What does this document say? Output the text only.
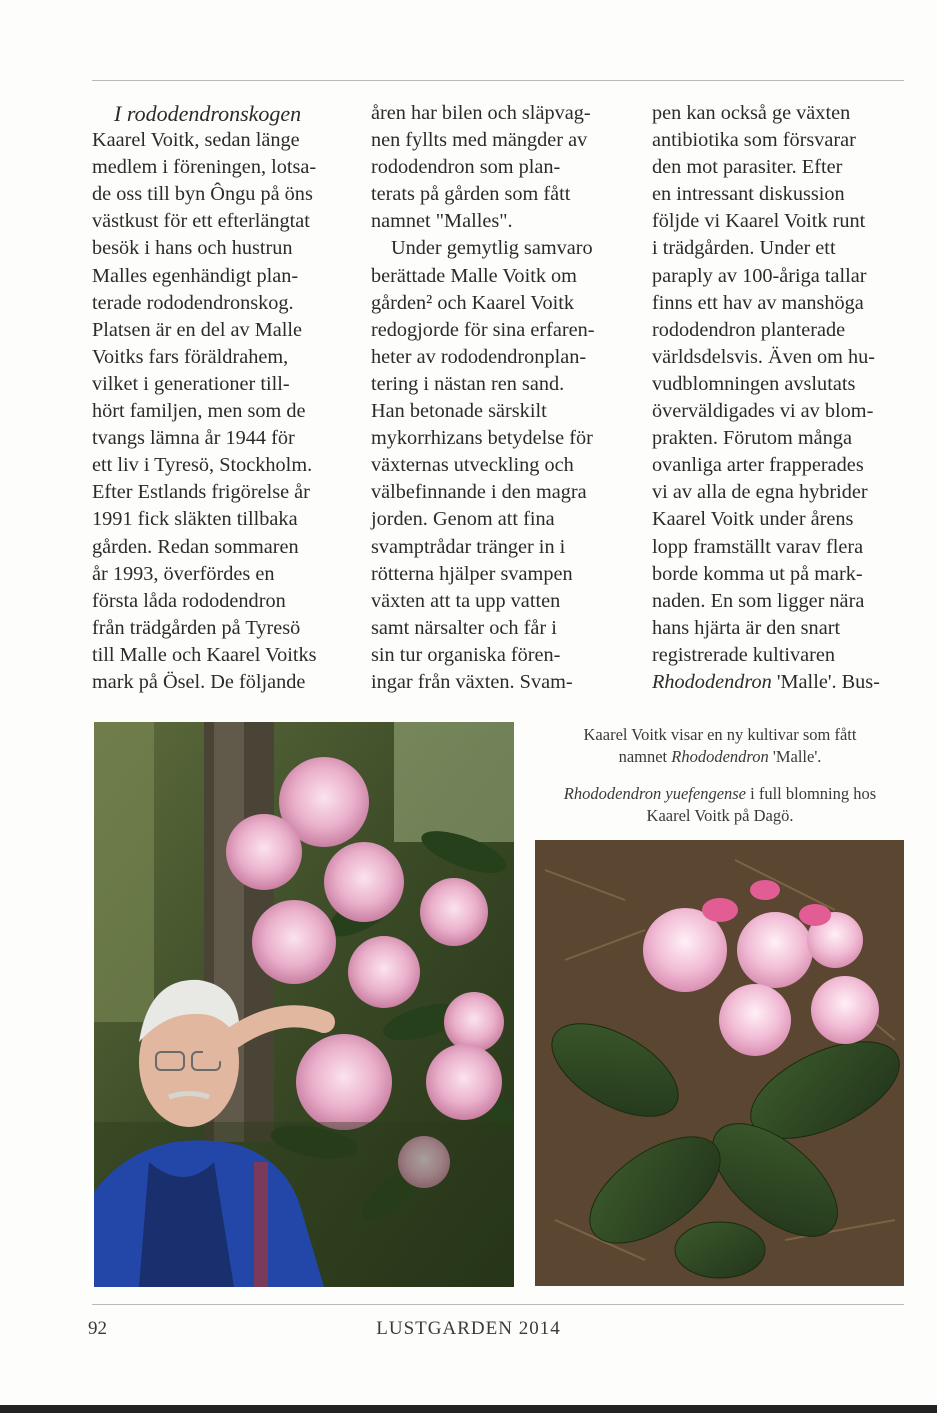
I rododendronskogen
Kaarel Voitk, sedan länge
medlem i föreningen, lotsa-
de oss till byn Ôngu på öns
västkust för ett efterlängtat
besök i hans och hustrun
Malles egenhändigt plan-
terade rododendronskog.
Platsen är en del av Malle
Voitks fars föräldrahem,
vilket i generationer till-
hört familjen, men som de
tvangs lämna år 1944 för
ett liv i Tyresö, Stockholm.
Efter Estlands frigörelse år
1991 fick släkten tillbaka
gården. Redan sommaren
år 1993, överfördes en
första låda rododendron
från trädgården på Tyresö
till Malle och Kaarel Voitks
mark på Ösel. De följande
åren har bilen och släpvag-
nen fyllts med mängder av
rododendron som plan-
terats på gården som fått
namnet "Malles".
Under gemytlig samvaro
berättade Malle Voitk om
gården² och Kaarel Voitk
redogjorde för sina erfaren-
heter av rododendronplan-
tering i nästan ren sand.
Han betonade särskilt
mykorrhizans betydelse för
växternas utveckling och
välbefinnande i den magra
jorden. Genom att fina
svamptrådar tränger in i
rötterna hjälper svampen
växten att ta upp vatten
samt närsalter och får i
sin tur organiska fören-
ingar från växten. Svam-
pen kan också ge växten
antibiotika som försvarar
den mot parasiter. Efter
en intressant diskussion
följde vi Kaarel Voitk runt
i trädgården. Under ett
paraply av 100-åriga tallar
finns ett hav av manshöga
rododendron planterade
världsdelsvis. Även om hu-
vudblomningen avslutats
överväldigades vi av blom-
prakten. Förutom många
ovanliga arter frapperades
vi av alla de egna hybrider
Kaarel Voitk under årens
lopp framställt varav flera
borde komma ut på mark-
naden. En som ligger nära
hans hjärta är den snart
registrerade kultivaren
Rhododendron 'Malle'. Bus-
Kaarel Voitk visar en ny kultivar som fått
namnet Rhododendron 'Malle'.
Rhododendron yuefengense i full blomning hos
Kaarel Voitk på Dagö.
92	LUSTGARDEN 2014
